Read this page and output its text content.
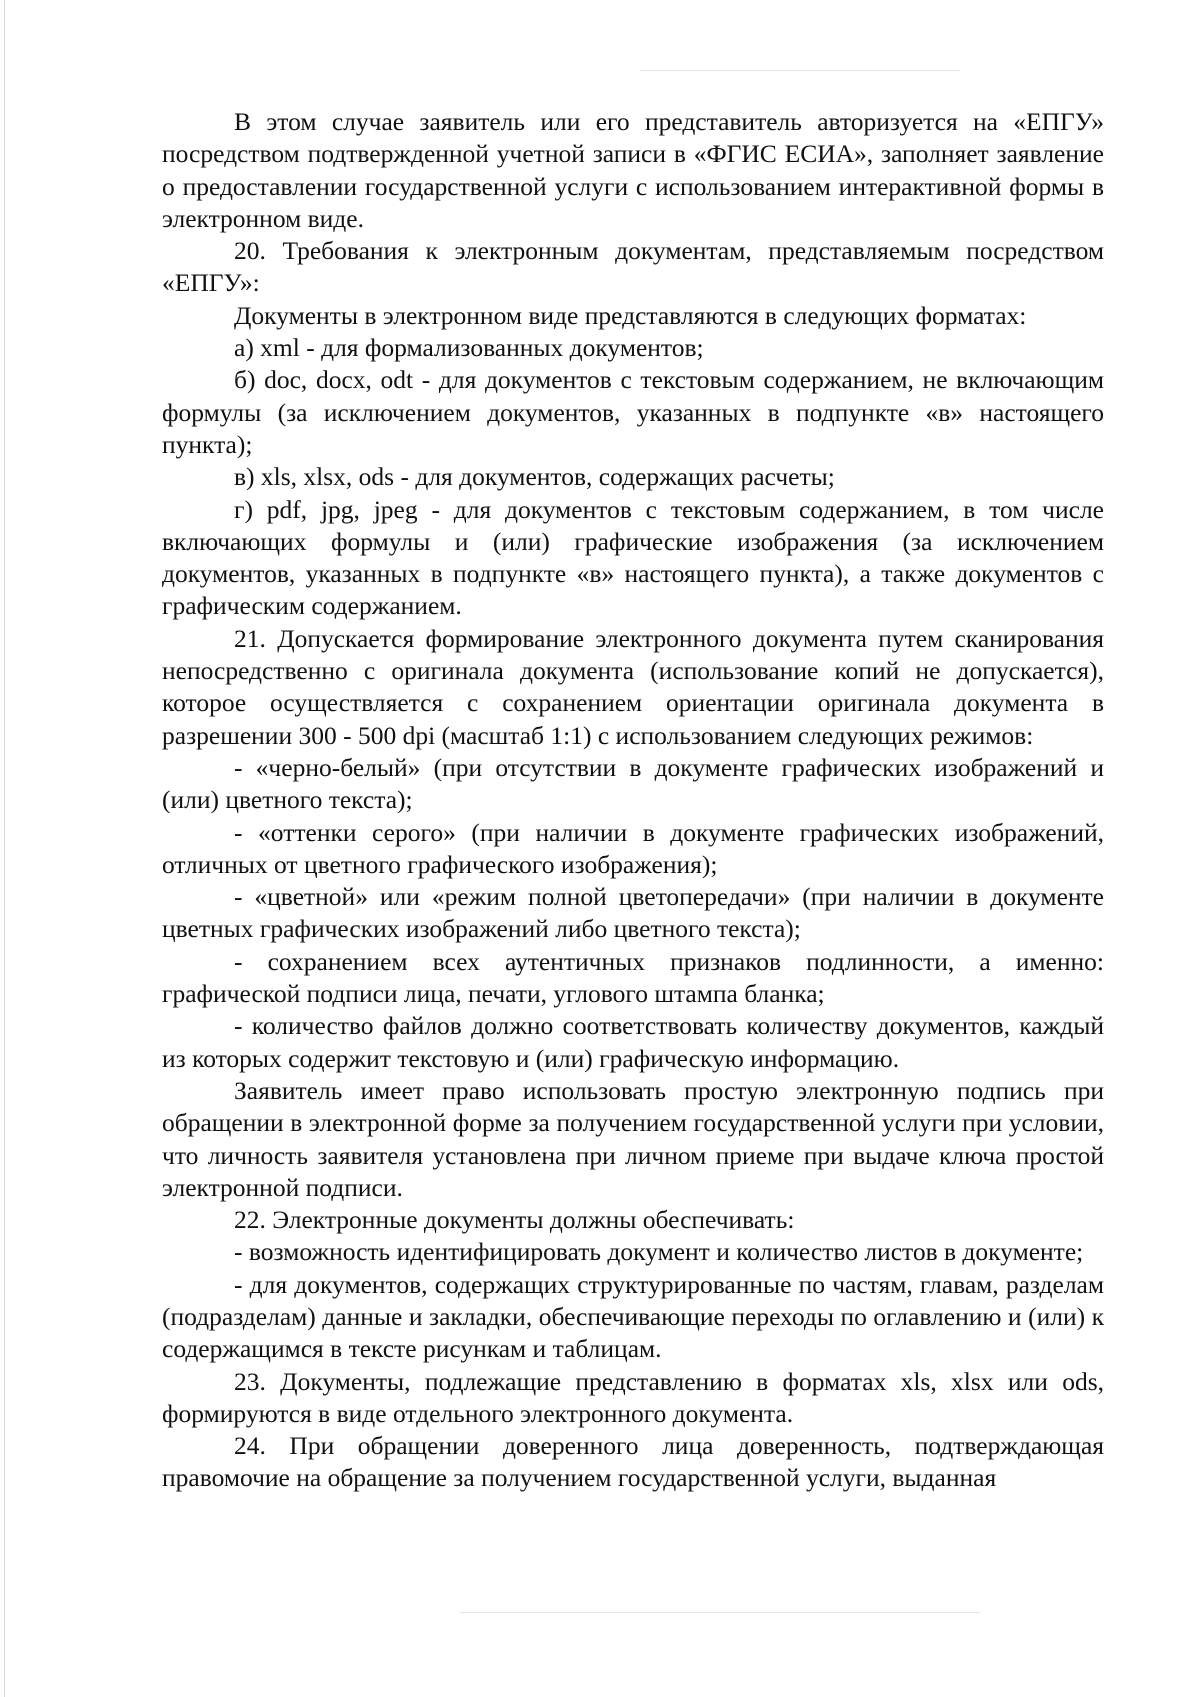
В этом случае заявитель или его представитель авторизуется на «ЕПГУ» посредством подтвержденной учетной записи в «ФГИС ЕСИА», заполняет заявление о предоставлении государственной услуги с использованием интерактивной формы в электронном виде.

20. Требования к электронным документам, представляемым посредством «ЕПГУ»:

Документы в электронном виде представляются в следующих форматах:

а) xml - для формализованных документов;

б) doc, docx, odt - для документов с текстовым содержанием, не включающим формулы (за исключением документов, указанных в подпункте «в» настоящего пункта);

в) xls, xlsx, ods - для документов, содержащих расчеты;

г) pdf, jpg, jpeg - для документов с текстовым содержанием, в том числе включающих формулы и (или) графические изображения (за исключением документов, указанных в подпункте «в» настоящего пункта), а также документов с графическим содержанием.

21. Допускается формирование электронного документа путем сканирования непосредственно с оригинала документа (использование копий не допускается), которое осуществляется с сохранением ориентации оригинала документа в разрешении 300 - 500 dpi (масштаб 1:1) с использованием следующих режимов:

- «черно-белый» (при отсутствии в документе графических изображений и (или) цветного текста);

- «оттенки серого» (при наличии в документе графических изображений, отличных от цветного графического изображения);

- «цветной» или «режим полной цветопередачи» (при наличии в документе цветных графических изображений либо цветного текста);

- сохранением всех аутентичных признаков подлинности, а именно: графической подписи лица, печати, углового штампа бланка;

- количество файлов должно соответствовать количеству документов, каждый из которых содержит текстовую и (или) графическую информацию.

Заявитель имеет право использовать простую электронную подпись при обращении в электронной форме за получением государственной услуги при условии, что личность заявителя установлена при личном приеме при выдаче ключа простой электронной подписи.

22. Электронные документы должны обеспечивать:

- возможность идентифицировать документ и количество листов в документе;

- для документов, содержащих структурированные по частям, главам, разделам (подразделам) данные и закладки, обеспечивающие переходы по оглавлению и (или) к содержащимся в тексте рисункам и таблицам.

23. Документы, подлежащие представлению в форматах xls, xlsx или ods, формируются в виде отдельного электронного документа.

24. При обращении доверенного лица доверенность, подтверждающая правомочие на обращение за получением государственной услуги, выданная
